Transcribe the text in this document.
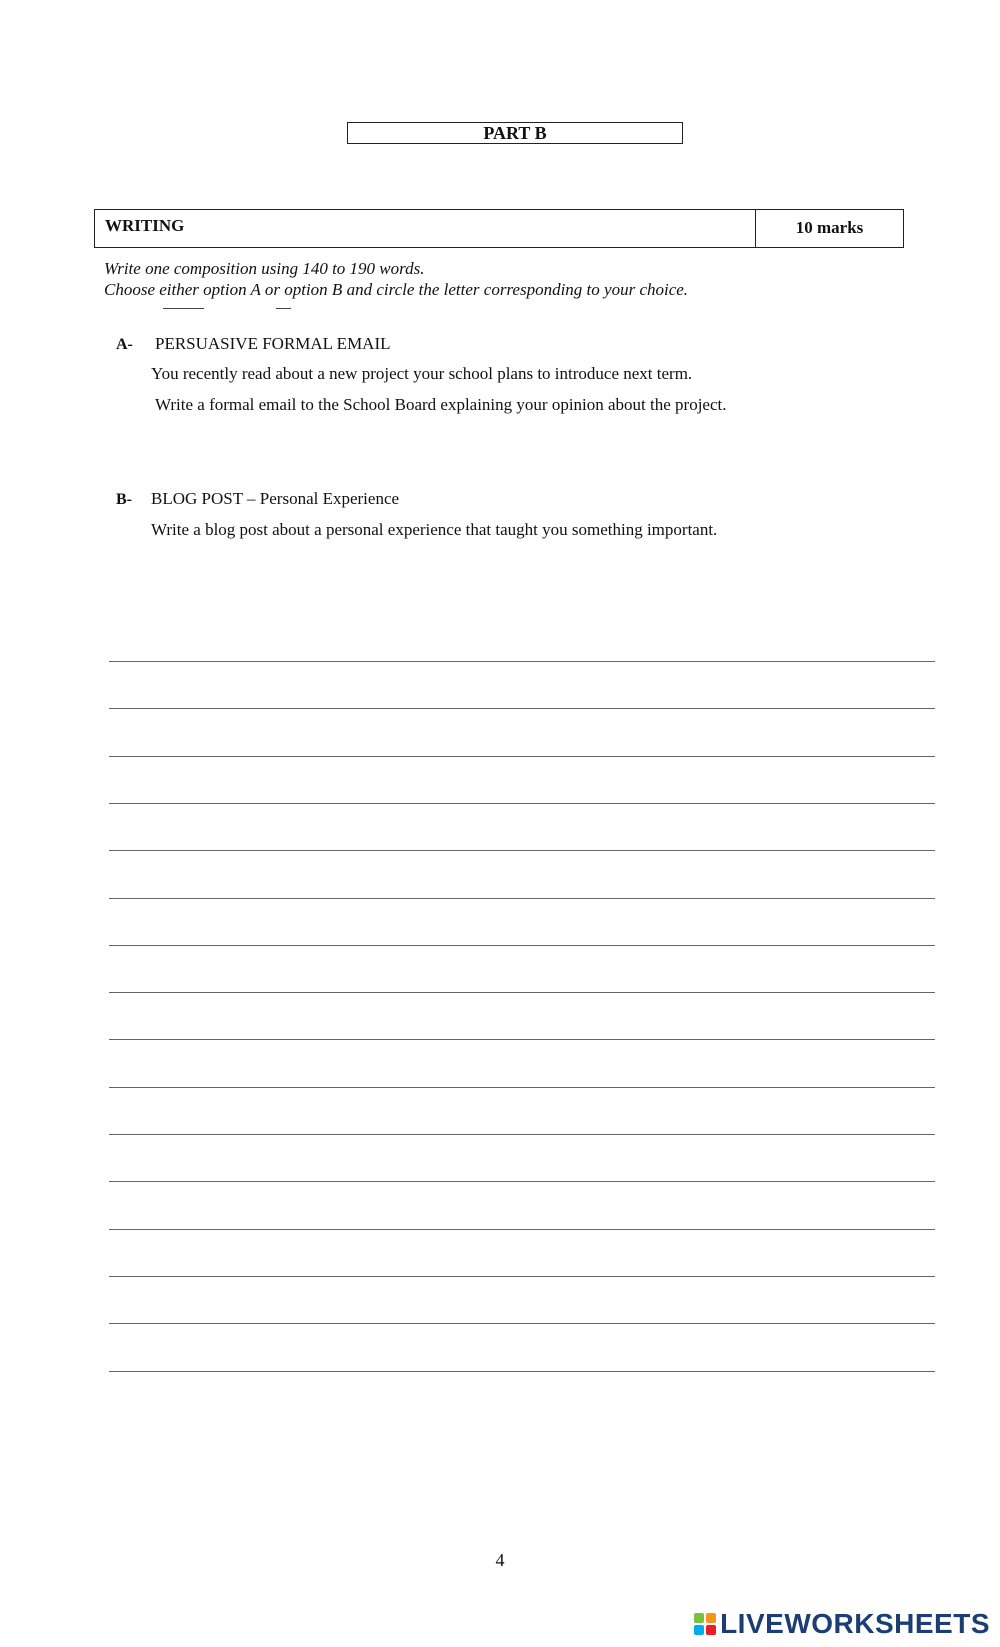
PART B
WRITING	10 marks
Write one composition using 140 to 190 words.
Choose either option A or option B and circle the letter corresponding to your choice.
A- PERSUASIVE FORMAL EMAIL
You recently read about a new project your school plans to introduce next term.
Write a formal email to the School Board explaining your opinion about the project.
B- BLOG POST – Personal Experience
Write a blog post about a personal experience that taught you something important.
4
LIVEWORKSHEETS
